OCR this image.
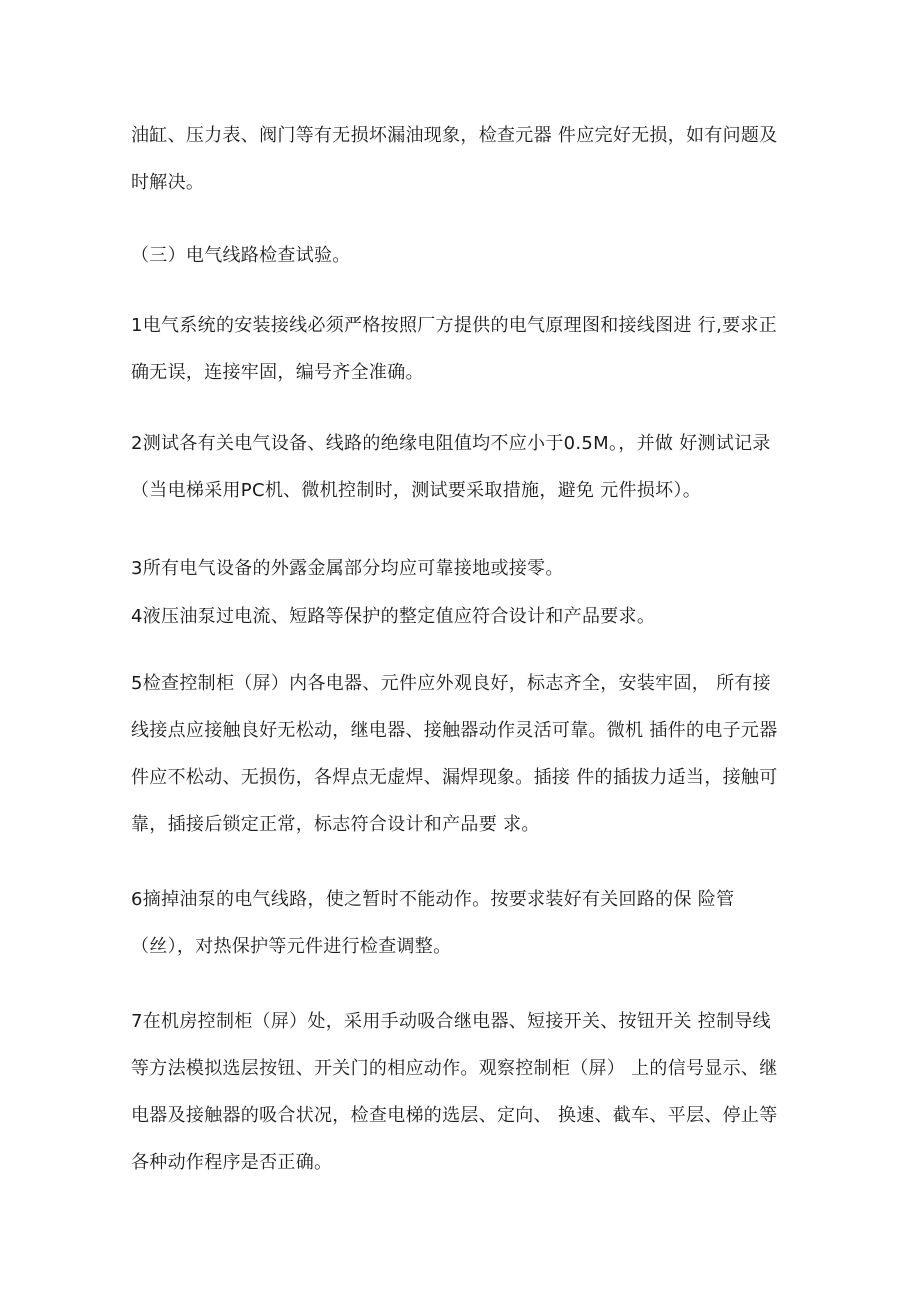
油缸、压力表、阀门等有无损坏漏油现象，检查元器 件应完好无损，如有问题及
时解决。

（三）电气线路检查试验。

1电气系统的安装接线必须严格按照厂方提供的电气原理图和接线图进 行,要求正
确无误，连接牢固，编号齐全准确。

2测试各有关电气设备、线路的绝缘电阻值均不应小于0.5M。，并做 好测试记录
（当电梯采用PC机、微机控制时，测试要采取措施，避免 元件损坏）。

3所有电气设备的外露金属部分均应可靠接地或接零。

4液压油泵过电流、短路等保护的整定值应符合设计和产品要求。

5检查控制柜（屏）内各电器、元件应外观良好，标志齐全，安装牢固， 所有接
线接点应接触良好无松动，继电器、接触器动作灵活可靠。微机 插件的电子元器
件应不松动、无损伤，各焊点无虚焊、漏焊现象。插接 件的插拔力适当，接触可
靠，插接后锁定正常，标志符合设计和产品要 求。

6摘掉油泵的电气线路，使之暂时不能动作。按要求装好有关回路的保 险管
（丝），对热保护等元件进行检查调整。

7在机房控制柜（屏）处，采用手动吸合继电器、短接开关、按钮开关 控制导线
等方法模拟选层按钮、开关门的相应动作。观察控制柜（屏） 上的信号显示、继
电器及接触器的吸合状况，检查电梯的选层、定向、 换速、截车、平层、停止等
各种动作程序是否正确。
